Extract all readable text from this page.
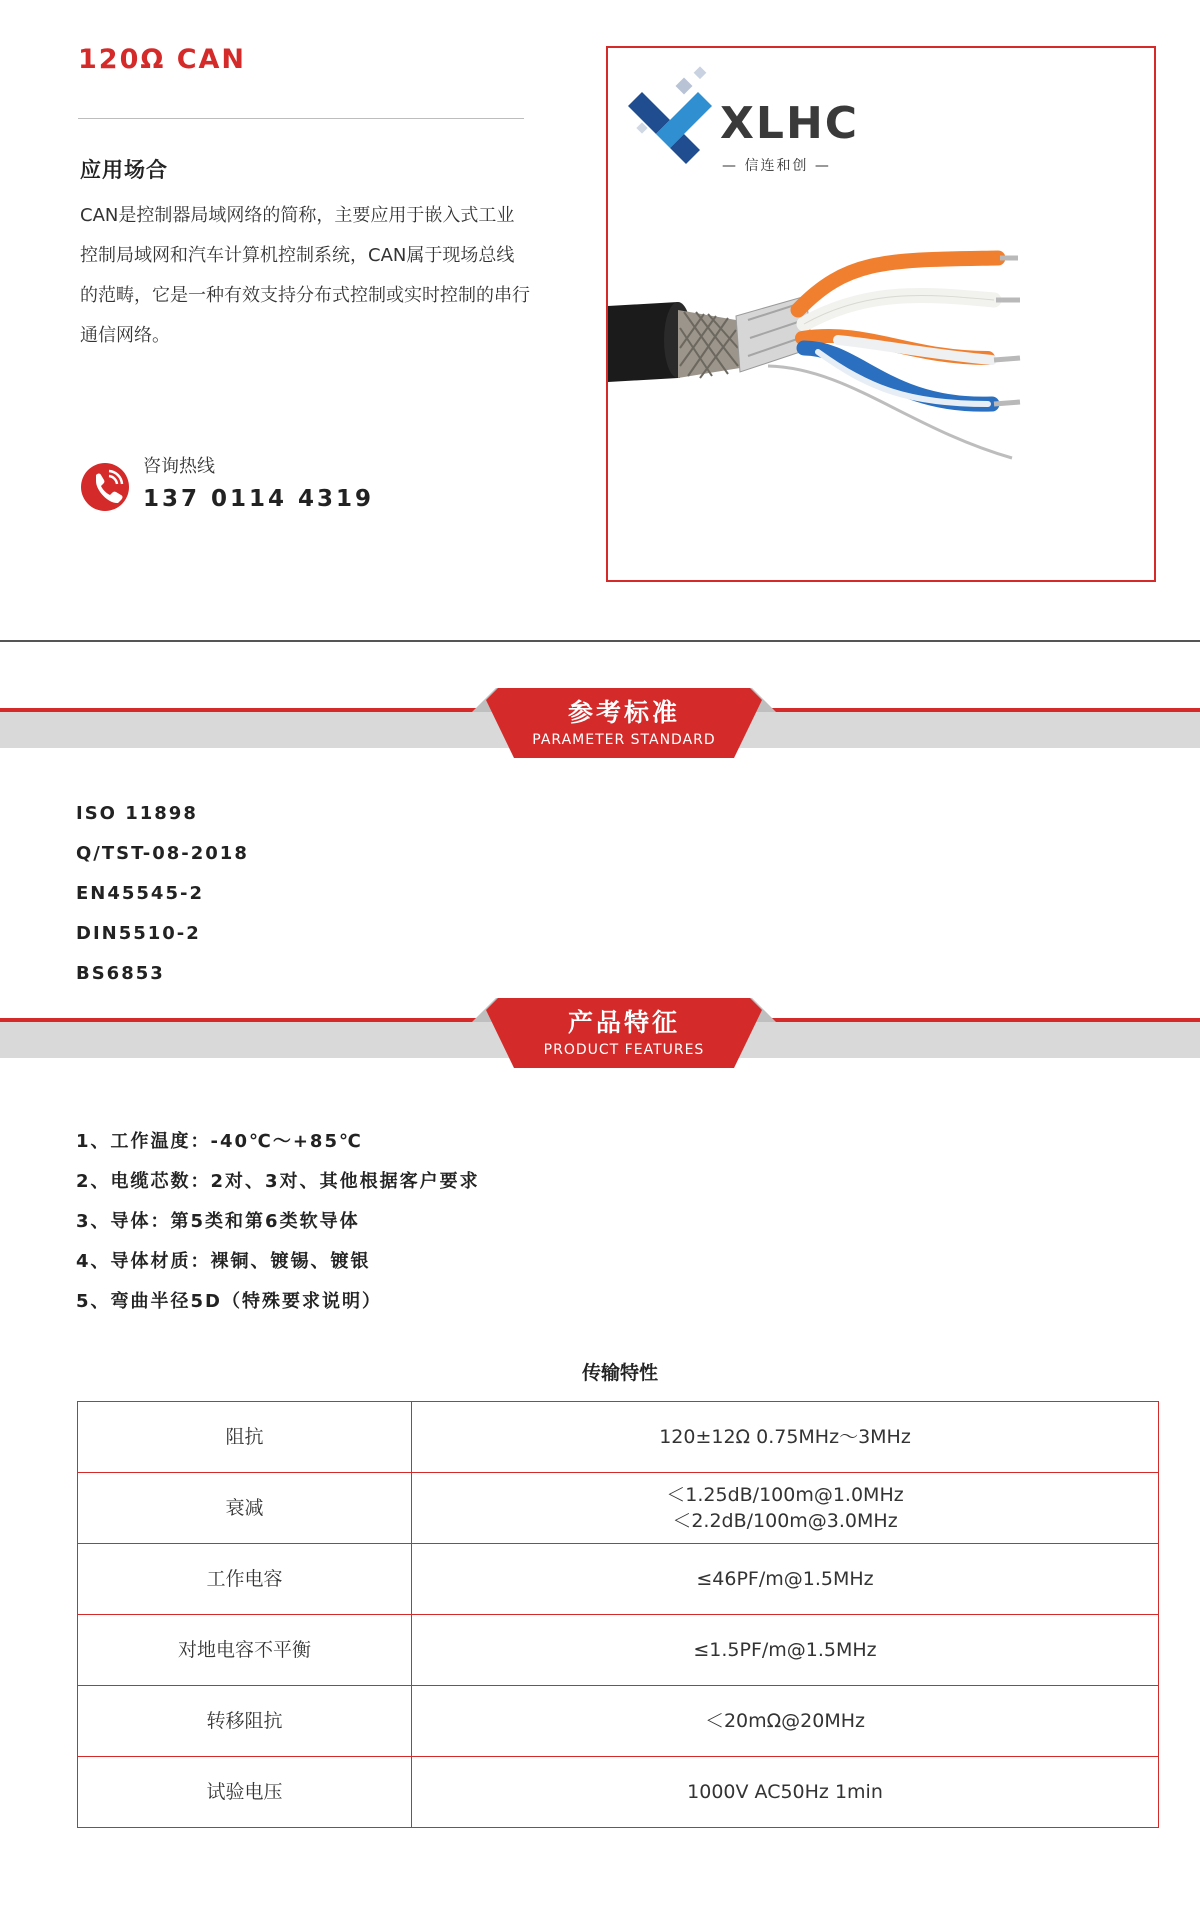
120Ω CAN
应用场合
CAN是控制器局域网络的简称，主要应用于嵌入式工业控制局域网和汽车计算机控制系统，CAN属于现场总线的范畴，它是一种有效支持分布式控制或实时控制的串行通信网络。
咨询热线
137 0114 4319
XLHC
— 信连和创 —
参考标准
PARAMETER STANDARD
ISO 11898
Q/TST-08-2018
EN45545-2
DIN5510-2
BS6853
产品特征
PRODUCT FEATURES
1、工作温度：-40℃～+85℃
2、电缆芯数：2对、3对、其他根据客户要求
3、导体：第5类和第6类软导体
4、导体材质：裸铜、镀锡、镀银
5、弯曲半径5D（特殊要求说明）
传输特性
阻抗	120±12Ω 0.75MHz～3MHz

衰减	＜1.25dB/100m@1.0MHz
＜2.2dB/100m@3.0MHz

工作电容	≤46PF/m@1.5MHz

对地电容不平衡	≤1.5PF/m@1.5MHz

转移阻抗	＜20mΩ@20MHz

试验电压	1000V AC50Hz 1min
